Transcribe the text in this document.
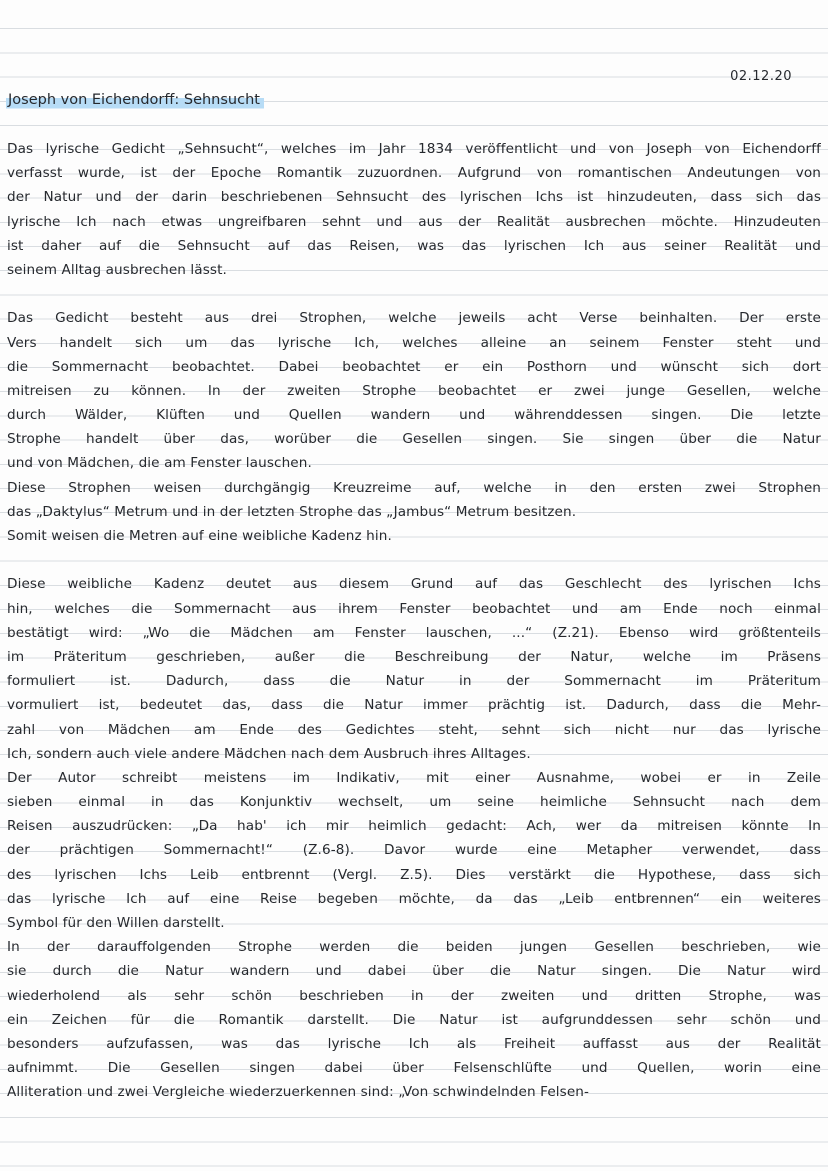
02.12.20

Joseph von Eichendorff: Sehnsucht
Das lyrische Gedicht „Sehnsucht“, welches im Jahr 1834 veröffentlicht und von Joseph von Eichendorff
verfasst wurde, ist der Epoche Romantik zuzuordnen. Aufgrund von romantischen Andeutungen von
der Natur und der darin beschriebenen Sehnsucht des lyrischen Ichs ist hinzudeuten, dass sich das
lyrische Ich nach etwas ungreifbaren sehnt und aus der Realität ausbrechen möchte. Hinzudeuten
ist daher auf die Sehnsucht auf das Reisen, was das lyrischen Ich aus seiner Realität und
seinem Alltag ausbrechen lässt.
Das Gedicht besteht aus drei Strophen, welche jeweils acht Verse beinhalten. Der erste
Vers handelt sich um das lyrische Ich, welches alleine an seinem Fenster steht und
die Sommernacht beobachtet. Dabei beobachtet er ein Posthorn und wünscht sich dort
mitreisen zu können. In der zweiten Strophe beobachtet er zwei junge Gesellen, welche
durch Wälder, Klüften und Quellen wandern und währenddessen singen. Die letzte
Strophe handelt über das, worüber die Gesellen singen. Sie singen über die Natur
und von Mädchen, die am Fenster lauschen.
Diese Strophen weisen durchgängig Kreuzreime auf, welche in den ersten zwei Strophen
das „Daktylus“ Metrum und in der letzten Strophe das „Jambus“ Metrum besitzen.
Somit weisen die Metren auf eine weibliche Kadenz hin.
Diese weibliche Kadenz deutet aus diesem Grund auf das Geschlecht des lyrischen Ichs
hin, welches die Sommernacht aus ihrem Fenster beobachtet und am Ende noch einmal
bestätigt wird: „Wo die Mädchen am Fenster lauschen, ...“ (Z.21). Ebenso wird größtenteils
im Präteritum geschrieben, außer die Beschreibung der Natur, welche im Präsens
formuliert ist. Dadurch, dass die Natur in der Sommernacht im Präteritum
vormuliert ist, bedeutet das, dass die Natur immer prächtig ist. Dadurch, dass die Mehr-
zahl von Mädchen am Ende des Gedichtes steht, sehnt sich nicht nur das lyrische
Ich, sondern auch viele andere Mädchen nach dem Ausbruch ihres Alltages.
Der Autor schreibt meistens im Indikativ, mit einer Ausnahme, wobei er in Zeile
sieben einmal in das Konjunktiv wechselt, um seine heimliche Sehnsucht nach dem
Reisen auszudrücken: „Da hab' ich mir heimlich gedacht: Ach, wer da mitreisen könnte In
der prächtigen Sommernacht!“ (Z.6-8). Davor wurde eine Metapher verwendet, dass
des lyrischen Ichs Leib entbrennt (Vergl. Z.5). Dies verstärkt die Hypothese, dass sich
das lyrische Ich auf eine Reise begeben möchte, da das „Leib entbrennen“ ein weiteres
Symbol für den Willen darstellt.
In der darauffolgenden Strophe werden die beiden jungen Gesellen beschrieben, wie
sie durch die Natur wandern und dabei über die Natur singen. Die Natur wird
wiederholend als sehr schön beschrieben in der zweiten und dritten Strophe, was
ein Zeichen für die Romantik darstellt. Die Natur ist aufgrunddessen sehr schön und
besonders aufzufassen, was das lyrische Ich als Freiheit auffasst aus der Realität
aufnimmt. Die Gesellen singen dabei über Felsenschlüfte und Quellen, worin eine
Alliteration und zwei Vergleiche wiederzuerkennen sind: „Von schwindelnden Felsen-
